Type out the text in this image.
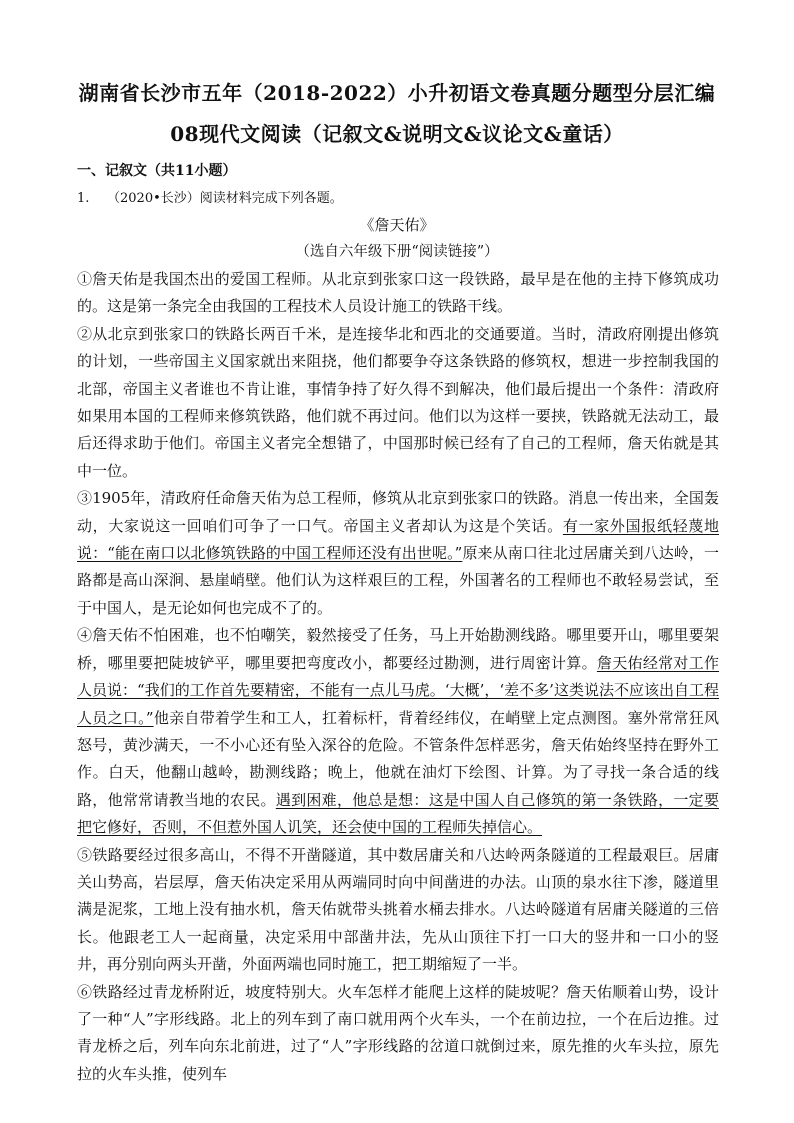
湖南省长沙市五年（2018-2022）小升初语文卷真题分题型分层汇编
08现代文阅读（记叙文&说明文&议论文&童话）
一、记叙文（共11小题）

1. （2020•长沙）阅读材料完成下列各题。

《詹天佑》

（选自六年级下册“阅读链接”）

①詹天佑是我国杰出的爱国工程师。从北京到张家口这一段铁路，最早是在他的主持下修筑成功的。这是第一条完全由我国的工程技术人员设计施工的铁路干线。

②从北京到张家口的铁路长两百千米，是连接华北和西北的交通要道。当时，清政府刚提出修筑的计划，一些帝国主义国家就出来阻挠，他们都要争夺这条铁路的修筑权，想进一步控制我国的北部，帝国主义者谁也不肯让谁，事情争持了好久得不到解决，他们最后提出一个条件：清政府如果用本国的工程师来修筑铁路，他们就不再过问。他们以为这样一要挟，铁路就无法动工，最后还得求助于他们。帝国主义者完全想错了，中国那时候已经有了自己的工程师，詹天佑就是其中一位。

③1905年，清政府任命詹天佑为总工程师，修筑从北京到张家口的铁路。消息一传出来，全国轰动，大家说这一回咱们可争了一口气。帝国主义者却认为这是个笑话。有一家外国报纸轻蔑地说：“能在南口以北修筑铁路的中国工程师还没有出世呢。”原来从南口往北过居庸关到八达岭，一路都是高山深涧、悬崖峭壁。他们认为这样艰巨的工程，外国著名的工程师也不敢轻易尝试，至于中国人，是无论如何也完成不了的。

④詹天佑不怕困难，也不怕嘲笑，毅然接受了任务，马上开始勘测线路。哪里要开山，哪里要架桥，哪里要把陡坡铲平，哪里要把弯度改小，都要经过勘测，进行周密计算。詹天佑经常对工作人员说：“我们的工作首先要精密，不能有一点儿马虎。‘大概’，‘差不多’这类说法不应该出自工程人员之口。”他亲自带着学生和工人，扛着标杆，背着经纬仪，在峭壁上定点测图。塞外常常狂风怒号，黄沙满天，一不小心还有坠入深谷的危险。不管条件怎样恶劣，詹天佑始终坚持在野外工作。白天，他翻山越岭，勘测线路；晚上，他就在油灯下绘图、计算。为了寻找一条合适的线路，他常常请教当地的农民。遇到困难，他总是想：这是中国人自己修筑的第一条铁路，一定要把它修好，否则，不但惹外国人讥笑，还会使中国的工程师失掉信心。

⑤铁路要经过很多高山，不得不开凿隧道，其中数居庸关和八达岭两条隧道的工程最艰巨。居庸关山势高，岩层厚，詹天佑决定采用从两端同时向中间凿进的办法。山顶的泉水往下渗，隧道里满是泥浆，工地上没有抽水机，詹天佑就带头挑着水桶去排水。八达岭隧道有居庸关隧道的三倍长。他跟老工人一起商量，决定采用中部凿井法，先从山顶往下打一口大的竖井和一口小的竖井，再分别向两头开凿，外面两端也同时施工，把工期缩短了一半。

⑥铁路经过青龙桥附近，坡度特别大。火车怎样才能爬上这样的陡坡呢？詹天佑顺着山势，设计了一种“人”字形线路。北上的列车到了南口就用两个火车头，一个在前边拉，一个在后边推。过青龙桥之后，列车向东北前进，过了“人”字形线路的岔道口就倒过来，原先推的火车头拉，原先拉的火车头推，使列车
